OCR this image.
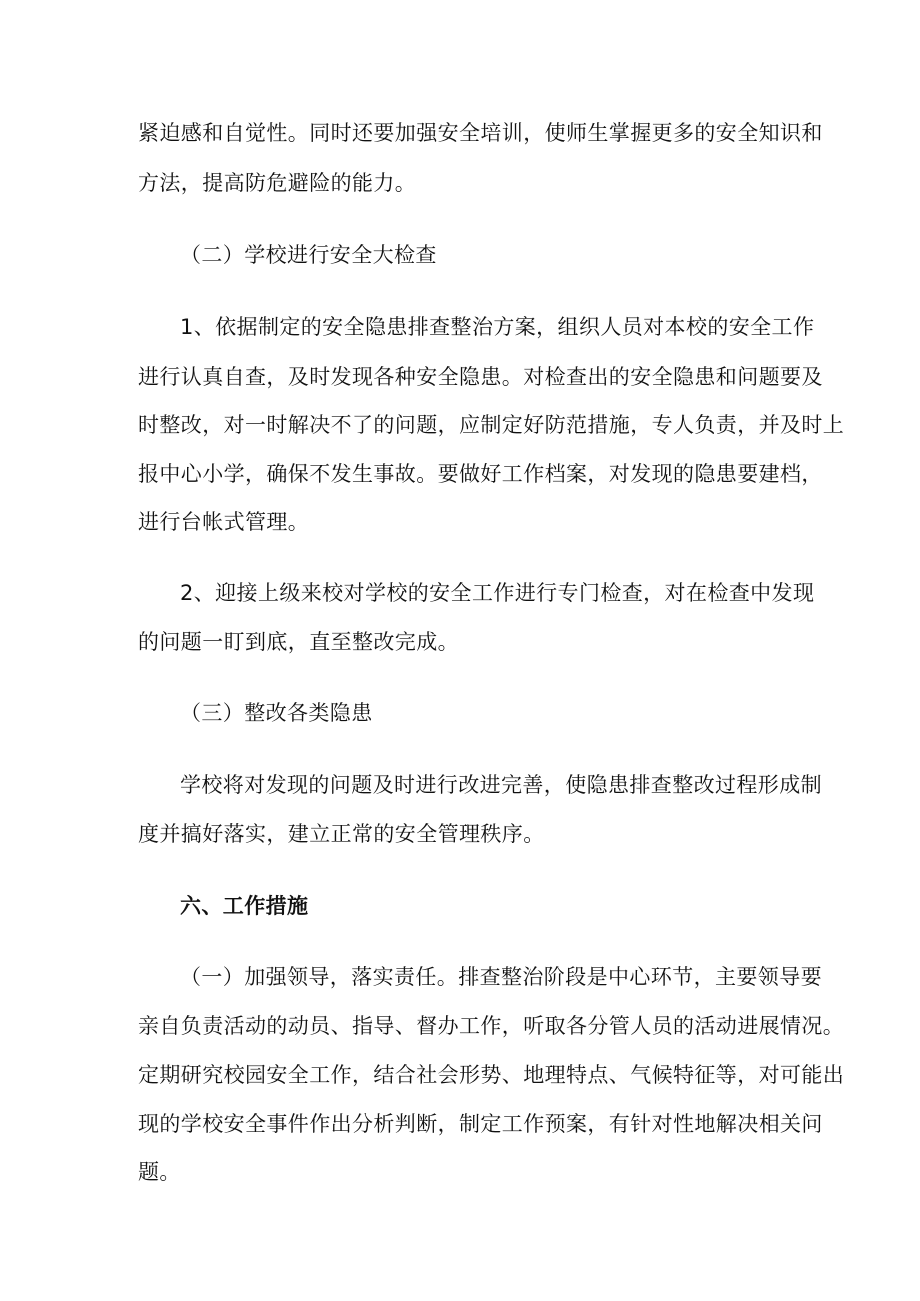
紧迫感和自觉性。同时还要加强安全培训，使师生掌握更多的安全知识和
方法，提高防危避险的能力。
（二）学校进行安全大检查
1、依据制定的安全隐患排查整治方案，组织人员对本校的安全工作
进行认真自查，及时发现各种安全隐患。对检查出的安全隐患和问题要及
时整改，对一时解决不了的问题，应制定好防范措施，专人负责，并及时上
报中心小学，确保不发生事故。要做好工作档案，对发现的隐患要建档，
进行台帐式管理。
2、迎接上级来校对学校的安全工作进行专门检查，对在检查中发现
的问题一盯到底，直至整改完成。
（三）整改各类隐患
学校将对发现的问题及时进行改进完善，使隐患排查整改过程形成制
度并搞好落实，建立正常的安全管理秩序。
六、工作措施
（一）加强领导，落实责任。排查整治阶段是中心环节，主要领导要
亲自负责活动的动员、指导、督办工作，听取各分管人员的活动进展情况。
定期研究校园安全工作，结合社会形势、地理特点、气候特征等，对可能出
现的学校安全事件作出分析判断，制定工作预案，有针对性地解决相关问
题。
